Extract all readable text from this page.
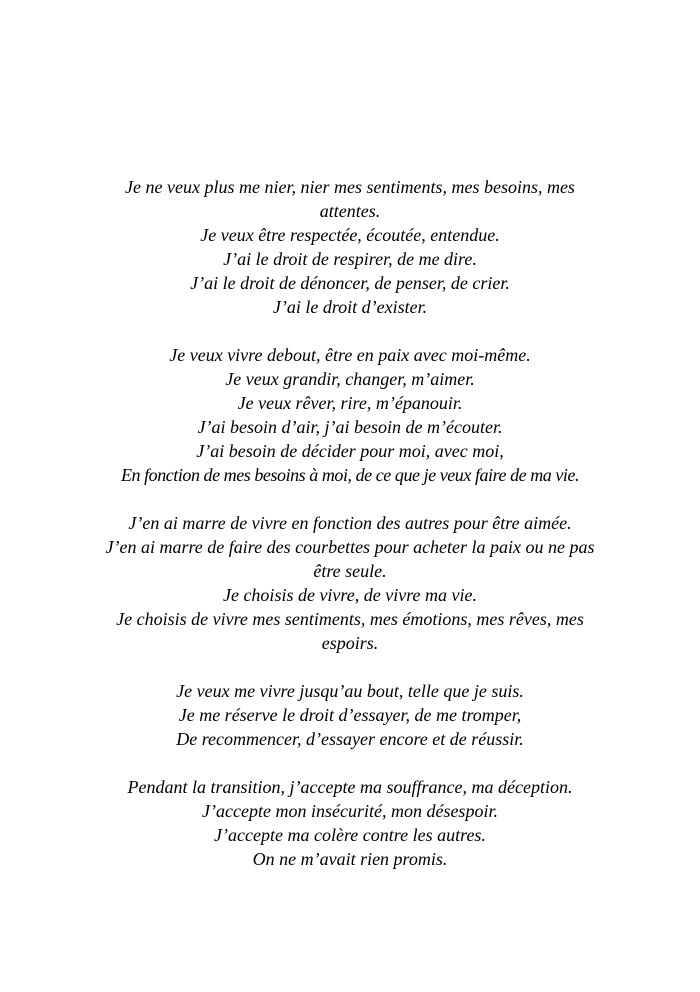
Je ne veux plus me nier, nier mes sentiments, mes besoins, mes
attentes.
Je veux être respectée, écoutée, entendue.
J’ai le droit de respirer, de me dire.
J’ai le droit de dénoncer, de penser, de crier.
J’ai le droit d’exister.
Je veux vivre debout, être en paix avec moi-même.
Je veux grandir, changer, m’aimer.
Je veux rêver, rire, m’épanouir.
J’ai besoin d’air, j’ai besoin de m’écouter.
J’ai besoin de décider pour moi, avec moi,
En fonction de mes besoins à moi, de ce que je veux faire de ma vie.
J’en ai marre de vivre en fonction des autres pour être aimée.
J’en ai marre de faire des courbettes pour acheter la paix ou ne pas
être seule.
Je choisis de vivre, de vivre ma vie.
Je choisis de vivre mes sentiments, mes émotions, mes rêves, mes
espoirs.
Je veux me vivre jusqu’au bout, telle que je suis.
Je me réserve le droit d’essayer, de me tromper,
De recommencer, d’essayer encore et de réussir.
Pendant la transition, j’accepte ma souffrance, ma déception.
J’accepte mon insécurité, mon désespoir.
J’accepte ma colère contre les autres.
On ne m’avait rien promis.
